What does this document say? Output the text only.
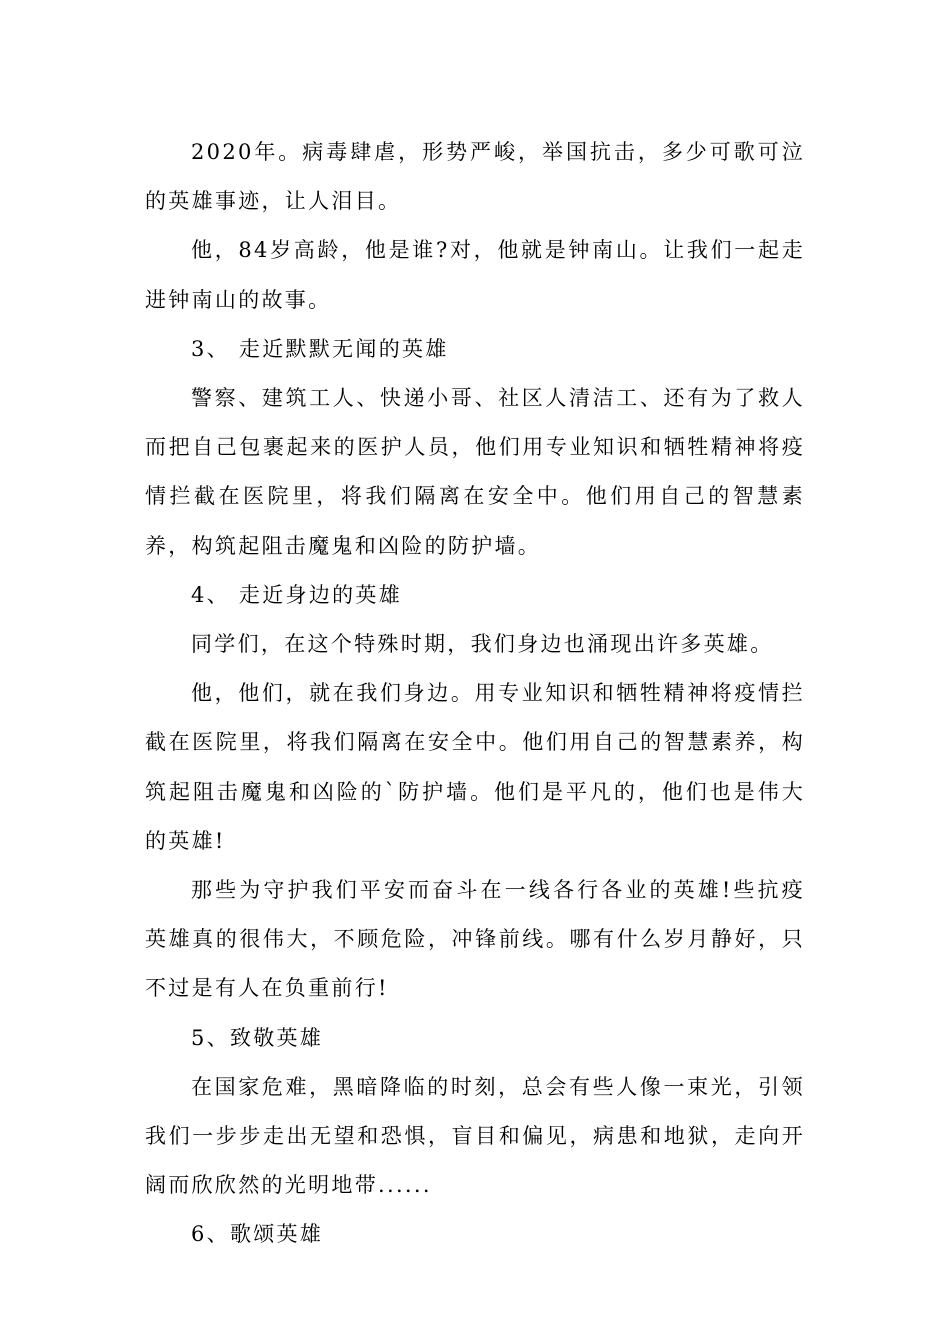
2020年。病毒肆虐，形势严峻，举国抗击，多少可歌可泣的英雄事迹，让人泪目。

他，84岁高龄，他是谁?对，他就是钟南山。让我们一起走进钟南山的故事。

3、 走近默默无闻的英雄

警察、建筑工人、快递小哥、社区人清洁工、还有为了救人而把自己包裹起来的医护人员，他们用专业知识和牺牲精神将疫情拦截在医院里，将我们隔离在安全中。他们用自己的智慧素养，构筑起阻击魔鬼和凶险的防护墙。

4、 走近身边的英雄

同学们，在这个特殊时期，我们身边也涌现出许多英雄。

他，他们，就在我们身边。用专业知识和牺牲精神将疫情拦截在医院里，将我们隔离在安全中。他们用自己的智慧素养，构筑起阻击魔鬼和凶险的`防护墙。他们是平凡的，他们也是伟大的英雄!

那些为守护我们平安而奋斗在一线各行各业的英雄!些抗疫英雄真的很伟大，不顾危险，冲锋前线。哪有什么岁月静好，只不过是有人在负重前行!

5、致敬英雄

在国家危难，黑暗降临的时刻，总会有些人像一束光，引领我们一步步走出无望和恐惧，盲目和偏见，病患和地狱，走向开阔而欣欣然的光明地带......

6、歌颂英雄
